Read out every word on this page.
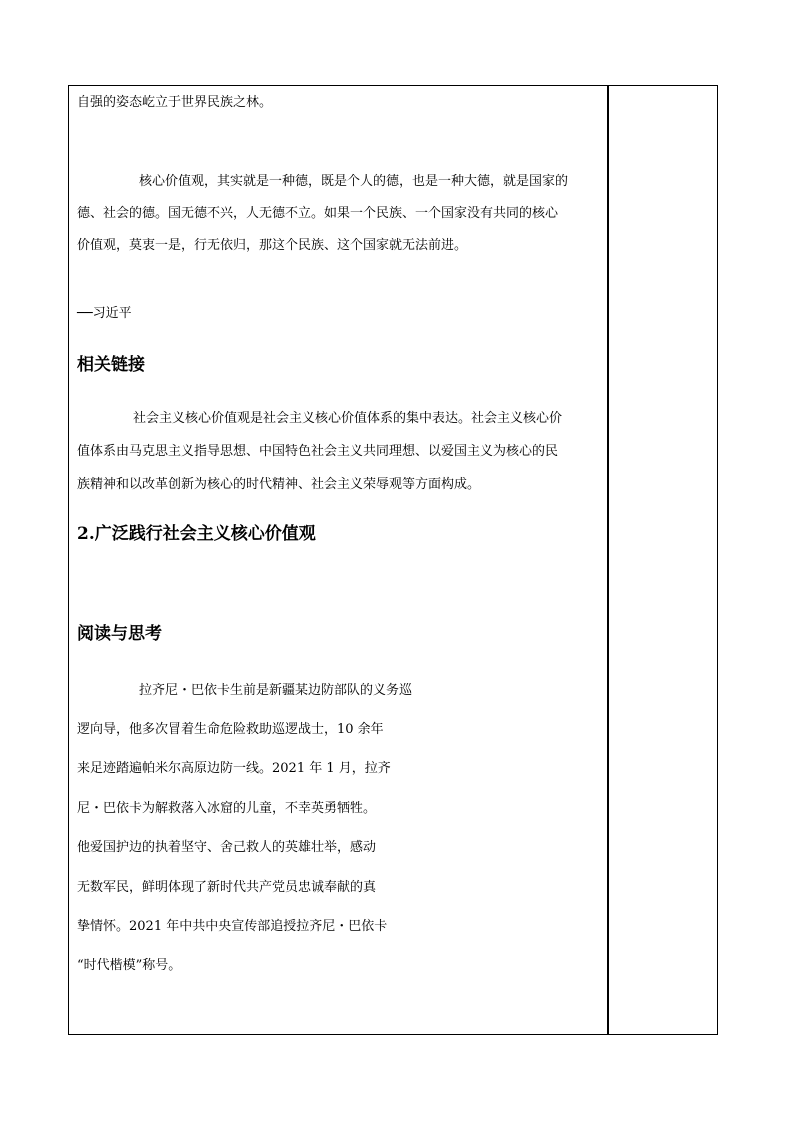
自强的姿态屹立于世界民族之林。

核心价值观，其实就是一种德，既是个人的德，也是一种大德，就是国家的

德、社会的德。国无德不兴，人无德不立。如果一个民族、一个国家没有共同的核心

价值观，莫衷一是，行无依归，那这个民族、这个国家就无法前进。

──习近平

相关链接

社会主义核心价值观是社会主义核心价值体系的集中表达。社会主义核心价

值体系由马克思主义指导思想、中国特色社会主义共同理想、以爱国主义为核心的民

族精神和以改革创新为核心的时代精神、社会主义荣辱观等方面构成。

2.广泛践行社会主义核心价值观
阅读与思考

拉齐尼・巴依卡生前是新疆某边防部队的义务巡

逻向导，他多次冒着生命危险救助巡逻战士，10 余年

来足迹踏遍帕米尔高原边防一线。2021 年 1 月，拉齐

尼・巴依卡为解救落入冰窟的儿童，不幸英勇牺牲。

他爱国护边的执着坚守、舍己救人的英雄壮举，感动

无数军民，鲜明体现了新时代共产党员忠诚奉献的真

挚情怀。2021 年中共中央宣传部追授拉齐尼・巴依卡

“时代楷模”称号。
